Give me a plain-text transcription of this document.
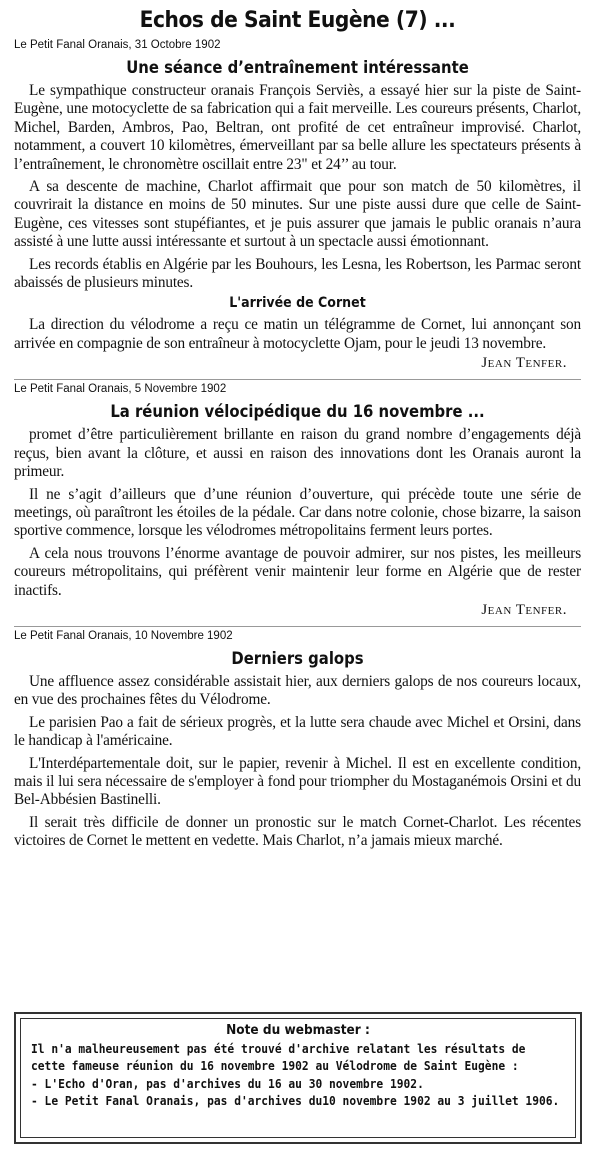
Echos de Saint Eugène (7) ...
Le Petit Fanal Oranais, 31 Octobre 1902
Une séance d’entraînement intéressante

Le sympathique constructeur oranais François Serviès, a essayé hier sur la piste de Saint-Eugène, une motocyclette de sa fabrication qui a fait merveille. Les coureurs présents, Charlot, Michel, Barden, Ambros, Pao, Beltran, ont profité de cet entraîneur improvisé. Charlot, notamment, a couvert 10 kilomètres, émerveillant par sa belle allure les spectateurs présents à l’entraînement, le chronomètre oscillait entre 23" et 24’’ au tour.

A sa descente de machine, Charlot affirmait que pour son match de 50 kilomètres, il couvrirait la distance en moins de 50 minutes. Sur une piste aussi dure que celle de Saint-Eugène, ces vitesses sont stupéfiantes, et je puis assurer que jamais le public oranais n’aura assisté à une lutte aussi intéressante et surtout à un spectacle aussi émotionnant.

Les records établis en Algérie par les Bouhours, les Lesna, les Robertson, les Parmac seront abaissés de plusieurs minutes.

L'arrivée de Cornet

La direction du vélodrome a reçu ce matin un télégramme de Cornet, lui annonçant son arrivée en compagnie de son entraîneur à motocyclette Ojam, pour le jeudi 13 novembre.

Jean Tenfer.
Le Petit Fanal Oranais, 5 Novembre 1902
La réunion vélocipédique du 16 novembre ...

promet d’être particulièrement brillante en raison du grand nombre d’engagements déjà reçus, bien avant la clôture, et aussi en raison des innovations dont les Oranais auront la primeur.

Il ne s’agit d’ailleurs que d’une réunion d’ouverture, qui précède toute une série de meetings, où paraîtront les étoiles de la pédale. Car dans notre colonie, chose bizarre, la saison sportive commence, lorsque les vélodromes métropolitains ferment leurs portes.

A cela nous trouvons l’énorme avantage de pouvoir admirer, sur nos pistes, les meilleurs coureurs métropolitains, qui préfèrent venir maintenir leur forme en Algérie que de rester inactifs.

Jean Tenfer.
Le Petit Fanal Oranais, 10 Novembre 1902
Derniers galops

Une affluence assez considérable assistait hier, aux derniers galops de nos coureurs locaux, en vue des prochaines fêtes du Vélodrome.

Le parisien Pao a fait de sérieux progrès, et la lutte sera chaude avec Michel et Orsini, dans le handicap à l'américaine.

L'Interdépartementale doit, sur le papier, revenir à Michel. Il est en excellente condition, mais il lui sera nécessaire de s'employer à fond pour triompher du Mostaganémois Orsini et du Bel-Abbésien Bastinelli.

Il serait très difficile de donner un pronostic sur le match Cornet-Charlot. Les récentes victoires de Cornet le mettent en vedette. Mais Charlot, n’a jamais mieux marché.

Note du webmaster :
Il n'a malheureusement pas été trouvé d'archive relatant les résultats de cette fameuse réunion du 16 novembre 1902 au Vélodrome de Saint Eugène :
- L'Echo d'Oran, pas d'archives du 16 au 30 novembre 1902.
- Le Petit Fanal Oranais, pas d'archives du10 novembre 1902 au 3 juillet 1906.
